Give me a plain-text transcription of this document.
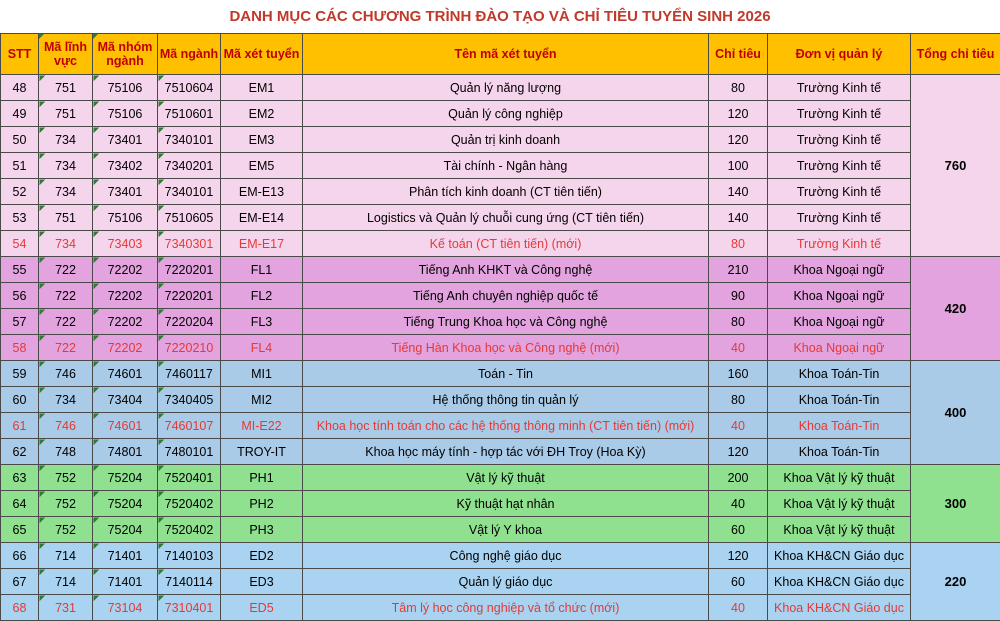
DANH MỤC CÁC CHƯƠNG TRÌNH ĐÀO TẠO VÀ CHỈ TIÊU TUYỂN SINH 2026
STT	Mã lĩnh vực	Mã nhóm ngành	Mã ngành	Mã xét tuyển	Tên mã xét tuyển	Chỉ tiêu	Đơn vị quản lý	Tổng chỉ tiêu
48	751	75106	7510604	EM1	Quản lý năng lượng	80	Trường Kinh tế	760
49	751	75106	7510601	EM2	Quản lý công nghiệp	120	Trường Kinh tế	
50	734	73401	7340101	EM3	Quản trị kinh doanh	120	Trường Kinh tế	
51	734	73402	7340201	EM5	Tài chính - Ngân hàng	100	Trường Kinh tế	
52	734	73401	7340101	EM-E13	Phân tích kinh doanh (CT tiên tiến)	140	Trường Kinh tế	
53	751	75106	7510605	EM-E14	Logistics và Quản lý chuỗi cung ứng (CT tiên tiến)	140	Trường Kinh tế	
54	734	73403	7340301	EM-E17	Kế toán (CT tiên tiến) (mới)	80	Trường Kinh tế	
55	722	72202	7220201	FL1	Tiếng Anh KHKT và Công nghệ	210	Khoa Ngoại ngữ	420
56	722	72202	7220201	FL2	Tiếng Anh chuyên nghiệp quốc tế	90	Khoa Ngoại ngữ	
57	722	72202	7220204	FL3	Tiếng Trung Khoa học và Công nghệ	80	Khoa Ngoại ngữ	
58	722	72202	7220210	FL4	Tiếng Hàn Khoa học và Công nghệ (mới)	40	Khoa Ngoại ngữ	
59	746	74601	7460117	MI1	Toán - Tin	160	Khoa Toán-Tin	400
60	734	73404	7340405	MI2	Hệ thống thông tin quản lý	80	Khoa Toán-Tin	
61	746	74601	7460107	MI-E22	Khoa học tính toán cho các hệ thống thông minh (CT tiên tiến) (mới)	40	Khoa Toán-Tin	
62	748	74801	7480101	TROY-IT	Khoa học máy tính - hợp tác với ĐH Troy (Hoa Kỳ)	120	Khoa Toán-Tin	
63	752	75204	7520401	PH1	Vật lý kỹ thuật	200	Khoa Vật lý kỹ thuật	300
64	752	75204	7520402	PH2	Kỹ thuật hạt nhân	40	Khoa Vật lý kỹ thuật	
65	752	75204	7520402	PH3	Vật lý Y khoa	60	Khoa Vật lý kỹ thuật	
66	714	71401	7140103	ED2	Công nghệ giáo dục	120	Khoa KH&CN Giáo dục	220
67	714	71401	7140114	ED3	Quản lý giáo dục	60	Khoa KH&CN Giáo dục	
68	731	73104	7310401	ED5	Tâm lý học công nghiệp và tổ chức (mới)	40	Khoa KH&CN Giáo dục	
